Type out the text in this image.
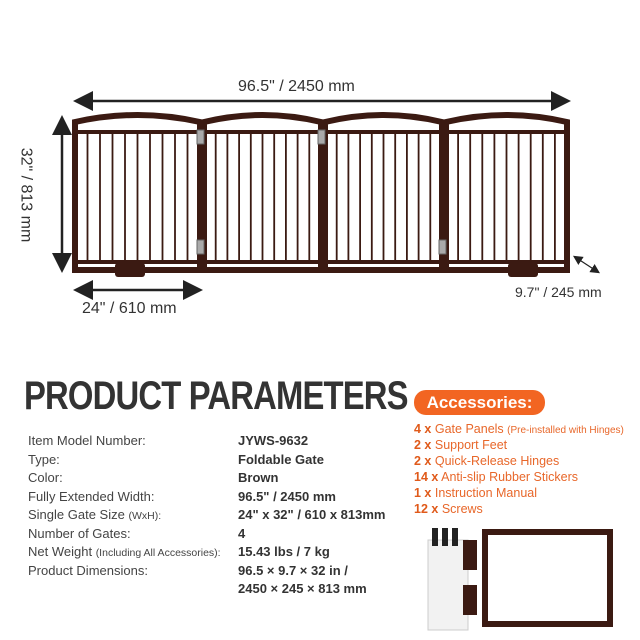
96.5" / 2450 mm
32" / 813 mm
24" / 610 mm
9.7" / 245 mm
PRODUCT PARAMETERS
Item Model Number:	JYWS-9632
Type:	Foldable Gate
Color:	Brown
Fully Extended Width:	96.5" / 2450 mm
Single Gate Size (WxH):	24" x 32" / 610 x 813mm
Number of Gates:	4
Net Weight (Including All Accessories): 15.43 lbs / 7 kg
Product Dimensions:	96.5 × 9.7 × 32 in /
2450 × 245 × 813 mm
Accessories:
4 x Gate Panels (Pre-installed with Hinges)
2 x Support Feet
2 x Quick-Release Hinges
14 x Anti-slip Rubber Stickers
1 x Instruction Manual
12 x Screws
